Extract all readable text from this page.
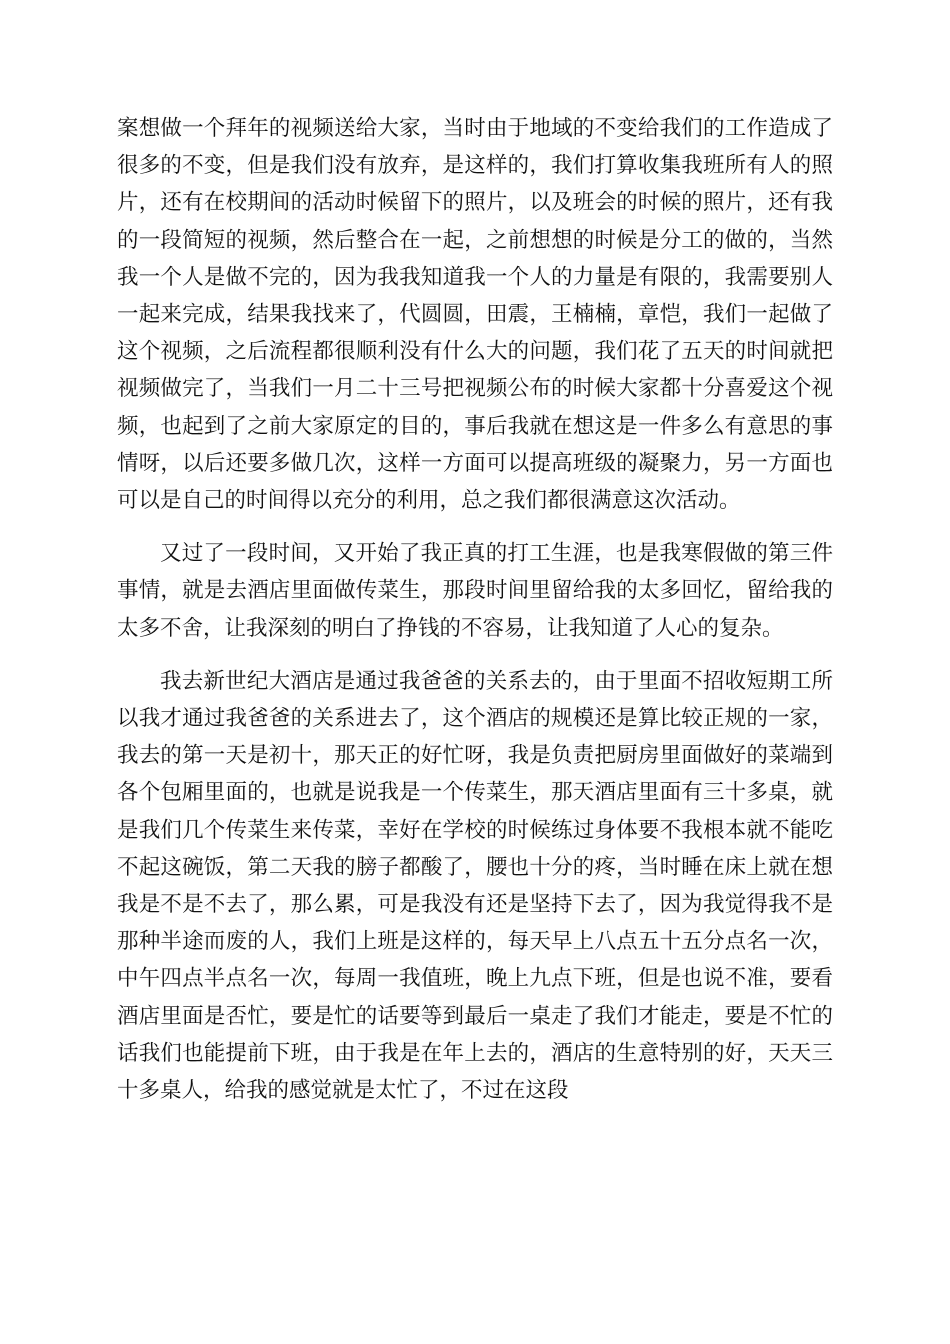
案想做一个拜年的视频送给大家，当时由于地域的不变给我们的工作造成了很多的不变，但是我们没有放弃，是这样的，我们打算收集我班所有人的照片，还有在校期间的活动时候留下的照片，以及班会的时候的照片，还有我的一段简短的视频，然后整合在一起，之前想想的时候是分工的做的，当然我一个人是做不完的，因为我我知道我一个人的力量是有限的，我需要别人一起来完成，结果我找来了，代圆圆，田震，王楠楠，章恺，我们一起做了这个视频，之后流程都很顺利没有什么大的问题，我们花了五天的时间就把视频做完了，当我们一月二十三号把视频公布的时候大家都十分喜爱这个视频，也起到了之前大家原定的目的，事后我就在想这是一件多么有意思的事情呀，以后还要多做几次，这样一方面可以提高班级的凝聚力，另一方面也可以是自己的时间得以充分的利用，总之我们都很满意这次活动。

又过了一段时间，又开始了我正真的打工生涯，也是我寒假做的第三件事情，就是去酒店里面做传菜生，那段时间里留给我的太多回忆，留给我的太多不舍，让我深刻的明白了挣钱的不容易，让我知道了人心的复杂。

我去新世纪大酒店是通过我爸爸的关系去的，由于里面不招收短期工所以我才通过我爸爸的关系进去了，这个酒店的规模还是算比较正规的一家，我去的第一天是初十，那天正的好忙呀，我是负责把厨房里面做好的菜端到各个包厢里面的，也就是说我是一个传菜生，那天酒店里面有三十多桌，就是我们几个传菜生来传菜，幸好在学校的时候练过身体要不我根本就不能吃不起这碗饭，第二天我的膀子都酸了，腰也十分的疼，当时睡在床上就在想我是不是不去了，那么累，可是我没有还是坚持下去了，因为我觉得我不是那种半途而废的人，我们上班是这样的，每天早上八点五十五分点名一次，中午四点半点名一次，每周一我值班，晚上九点下班，但是也说不准，要看酒店里面是否忙，要是忙的话要等到最后一桌走了我们才能走，要是不忙的话我们也能提前下班，由于我是在年上去的，酒店的生意特别的好，天天三十多桌人，给我的感觉就是太忙了，不过在这段
